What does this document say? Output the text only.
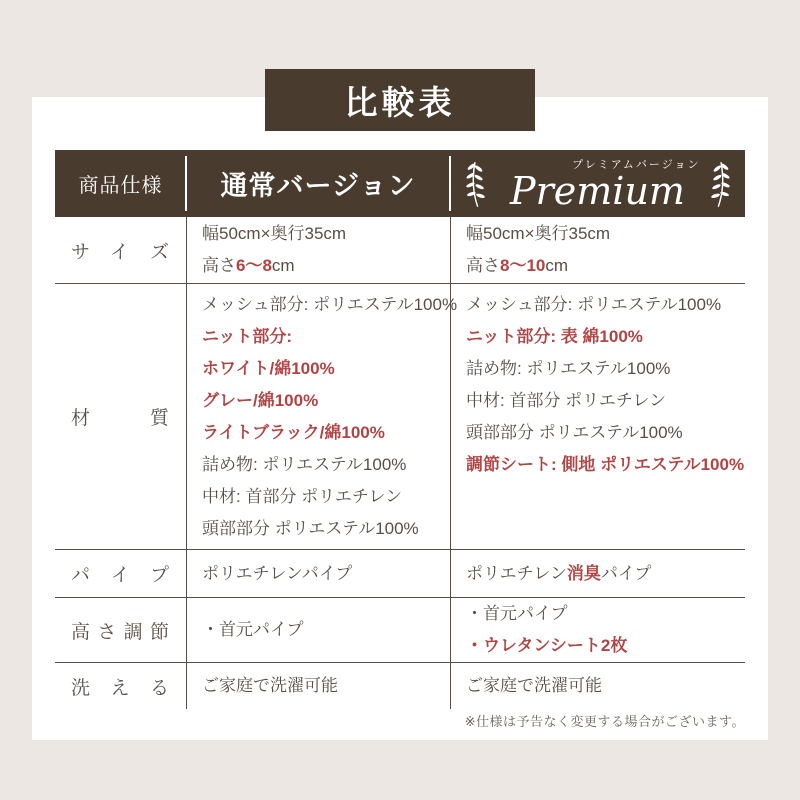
比較表
商品仕様 通常バージョン
プレミアムバージョン
Premium
サイズ
幅50cm×奥行35cm
高さ6～8cm
幅50cm×奥行35cm
高さ8～10cm
材質
メッシュ部分: ポリエステル100%
ニット部分:
ホワイト/綿100%
グレー/綿100%
ライトブラック/綿100%
詰め物: ポリエステル100%
中材: 首部分 ポリエチレン
頭部部分 ポリエステル100%
メッシュ部分: ポリエステル100%
ニット部分: 表 綿100%
詰め物: ポリエステル100%
中材: 首部分 ポリエチレン
頭部部分 ポリエステル100%
調節シート: 側地 ポリエステル100%
パイプ ポリエチレンパイプ	ポリエチレン消臭パイプ
高さ調節 ・首元パイプ
・首元パイプ
・ウレタンシート2枚
洗える ご家庭で洗濯可能	ご家庭で洗濯可能
※仕様は予告なく変更する場合がございます。
